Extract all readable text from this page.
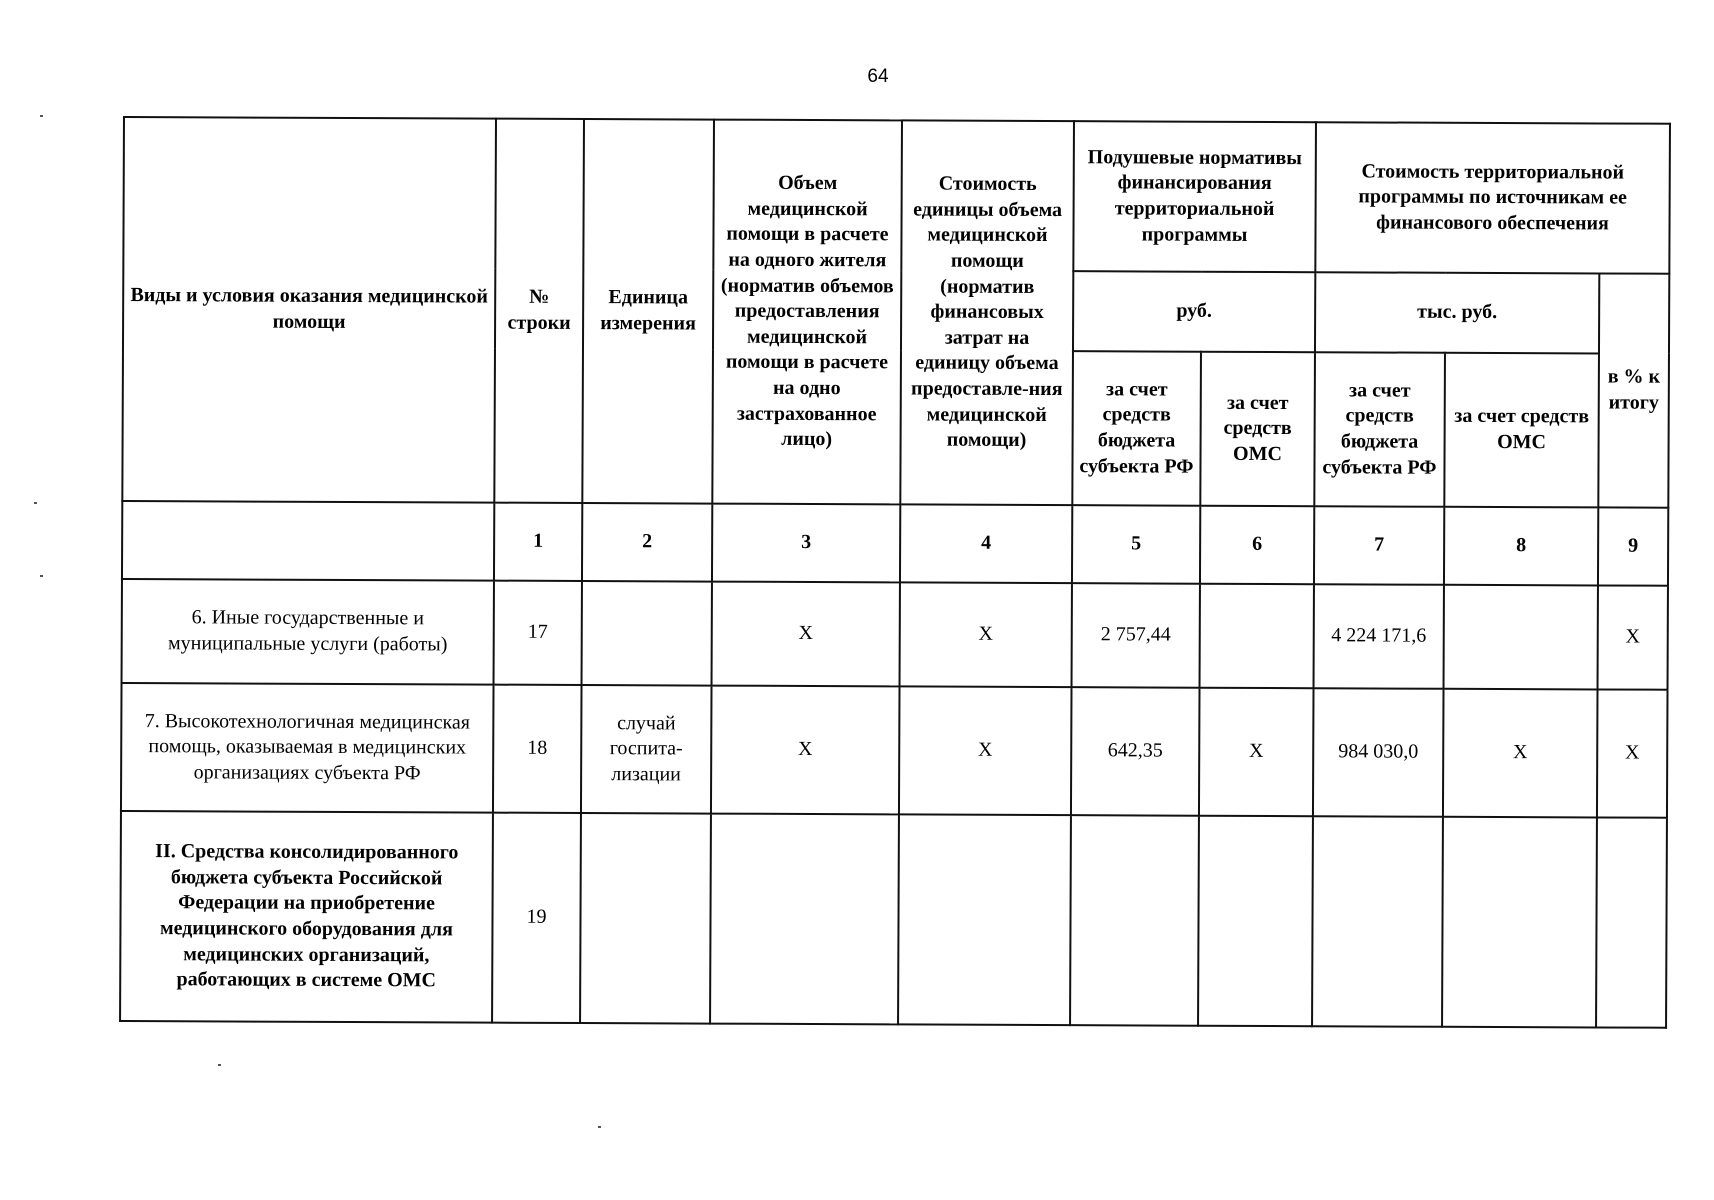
64
Виды и условия оказания медицинской помощи	№ строки	Единица измерения	Объем медицинской помощи в расчете на одного жителя (норматив объемов предоставления медицинской помощи в расчете на одно застрахованное лицо)	Стоимость единицы объема медицинской помощи (норматив финансовых затрат на единицу объема предоставле-ния медицинской помощи)	Подушевые нормативы финансирования территориальной программы		Стоимость территориальной программы по источникам ее финансового обеспечения		
					руб.		тыс. руб.		в % к итогу
					за счет средств бюджета субъекта РФ	за счет средств ОМС	за счет средств бюджета субъекта РФ	за счет средств ОМС	
	1	2	3	4	5	6	7	8	9
6. Иные государственные и муниципальные услуги (работы)	17		Х	Х	2 757,44		4 224 171,6		Х
7. Высокотехнологичная медицинская помощь, оказываемая в медицинских организациях субъекта РФ	18	случай госпита-лизации	Х	Х	642,35	Х	984 030,0	Х	Х
II. Средства консолидированного бюджета субъекта Российской Федерации на приобретение медицинского оборудования для медицинских организаций, работающих в системе ОМС	19								
